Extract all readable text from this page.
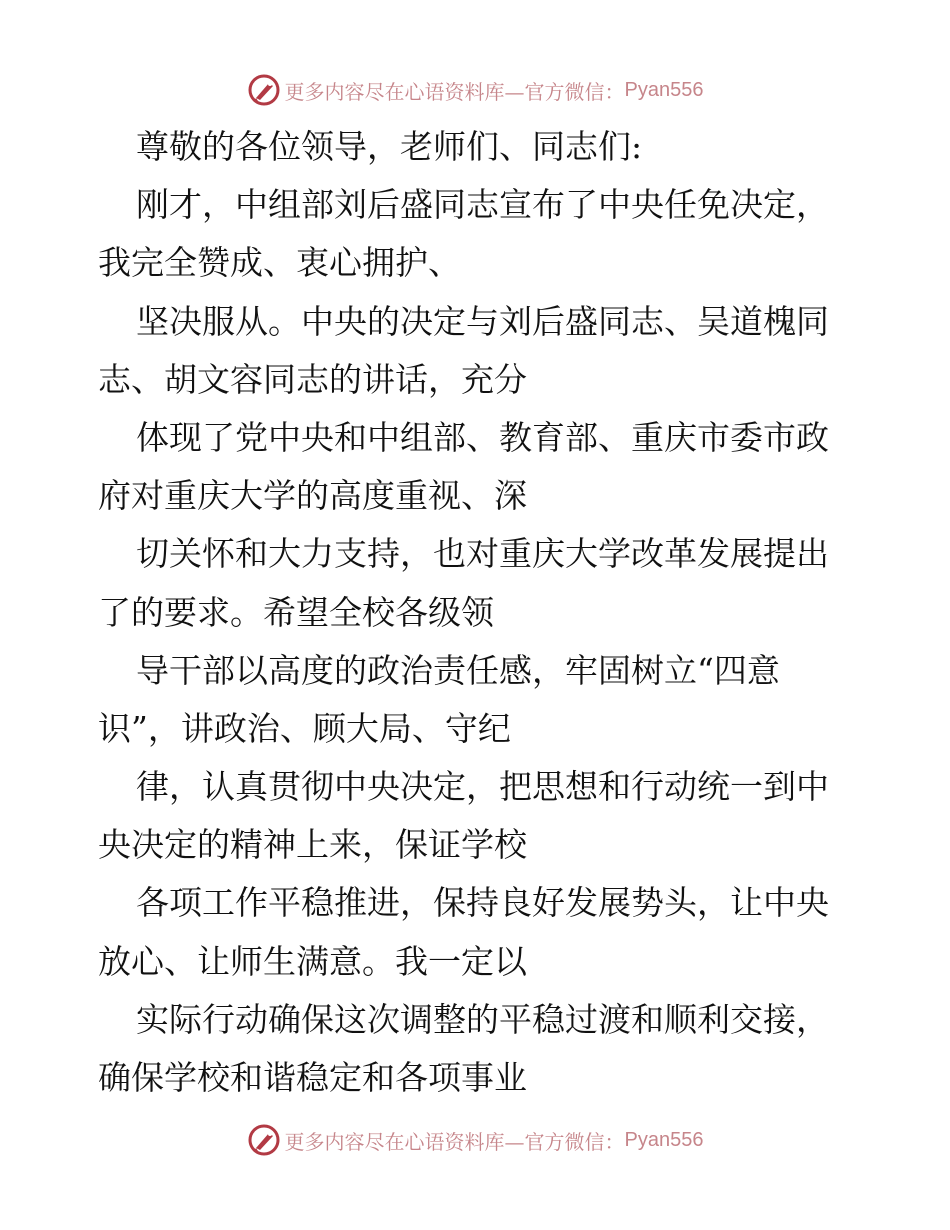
更多内容尽在心语资料库—官方微信： Pyan556
尊敬的各位领导，老师们、同志们:
刚才，中组部刘后盛同志宣布了中央任免决定，
我完全赞成、衷心拥护、
坚决服从。中央的决定与刘后盛同志、吴道槐同
志、胡文容同志的讲话，充分
体现了党中央和中组部、教育部、重庆市委市政
府对重庆大学的高度重视、深
切关怀和大力支持，也对重庆大学改革发展提出
了的要求。希望全校各级领
导干部以高度的政治责任感，牢固树立“四意
识”，讲政治、顾大局、守纪
律，认真贯彻中央决定，把思想和行动统一到中
央决定的精神上来，保证学校
各项工作平稳推进，保持良好发展势头，让中央
放心、让师生满意。我一定以
实际行动确保这次调整的平稳过渡和顺利交接，
确保学校和谐稳定和各项事业
更多内容尽在心语资料库—官方微信： Pyan556
